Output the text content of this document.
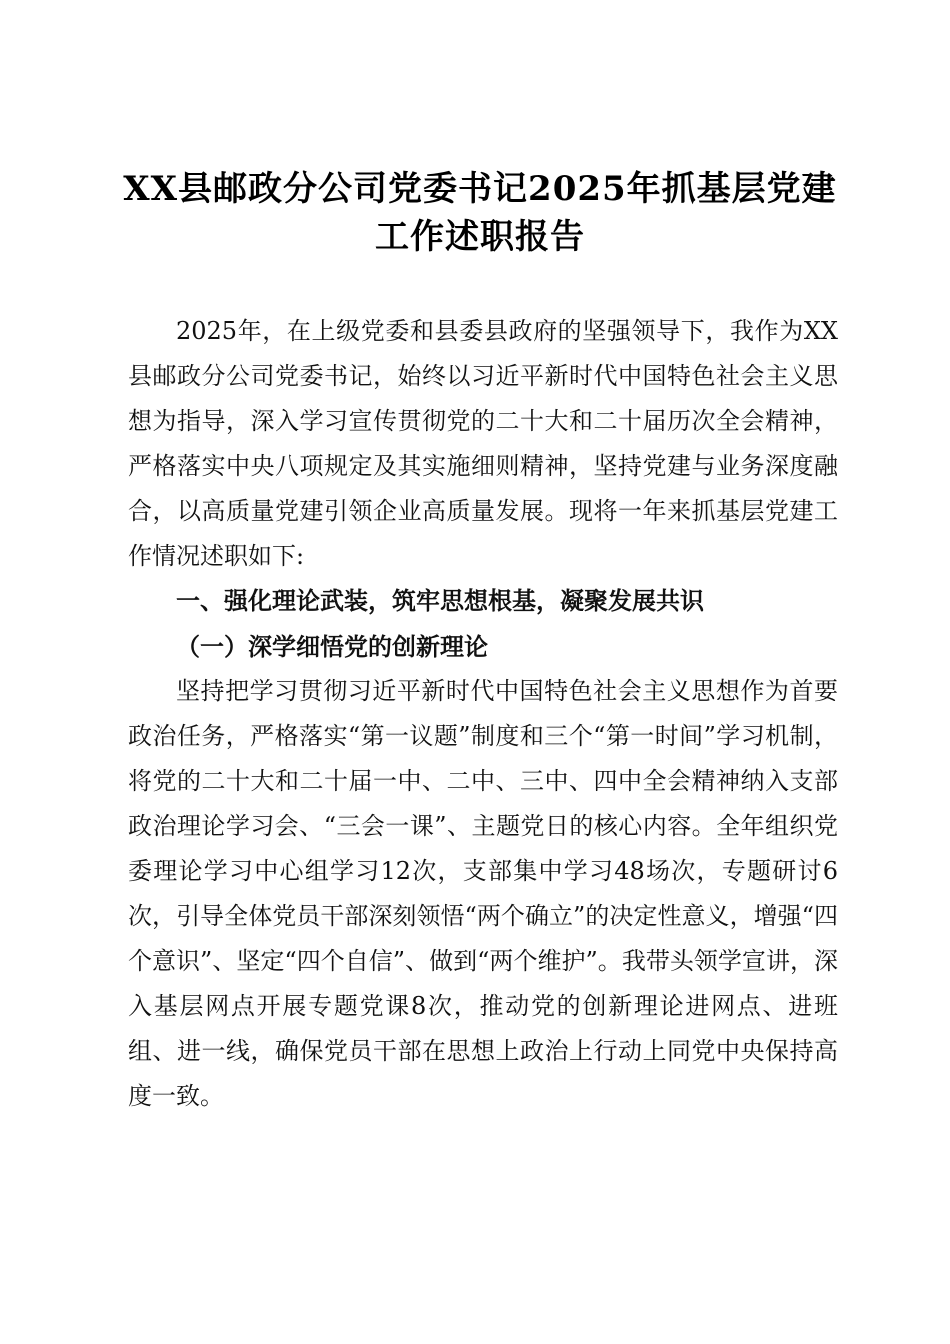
XX县邮政分公司党委书记2025年抓基层党建
工作述职报告

2025年，在上级党委和县委县政府的坚强领导下，我作为XX县邮政分公司党委书记，始终以习近平新时代中国特色社会主义思想为指导，深入学习宣传贯彻党的二十大和二十届历次全会精神，严格落实中央八项规定及其实施细则精神，坚持党建与业务深度融合，以高质量党建引领企业高质量发展。现将一年来抓基层党建工作情况述职如下:

一、强化理论武装，筑牢思想根基，凝聚发展共识

（一）深学细悟党的创新理论

坚持把学习贯彻习近平新时代中国特色社会主义思想作为首要政治任务，严格落实“第一议题”制度和三个“第一时间”学习机制，将党的二十大和二十届一中、二中、三中、四中全会精神纳入支部政治理论学习会、“三会一课”、主题党日的核心内容。全年组织党委理论学习中心组学习12次，支部集中学习48场次，专题研讨6次，引导全体党员干部深刻领悟“两个确立”的决定性意义，增强“四个意识”、坚定“四个自信”、做到“两个维护”。我带头领学宣讲，深入基层网点开展专题党课8次，推动党的创新理论进网点、进班组、进一线，确保党员干部在思想上政治上行动上同党中央保持高度一致。
